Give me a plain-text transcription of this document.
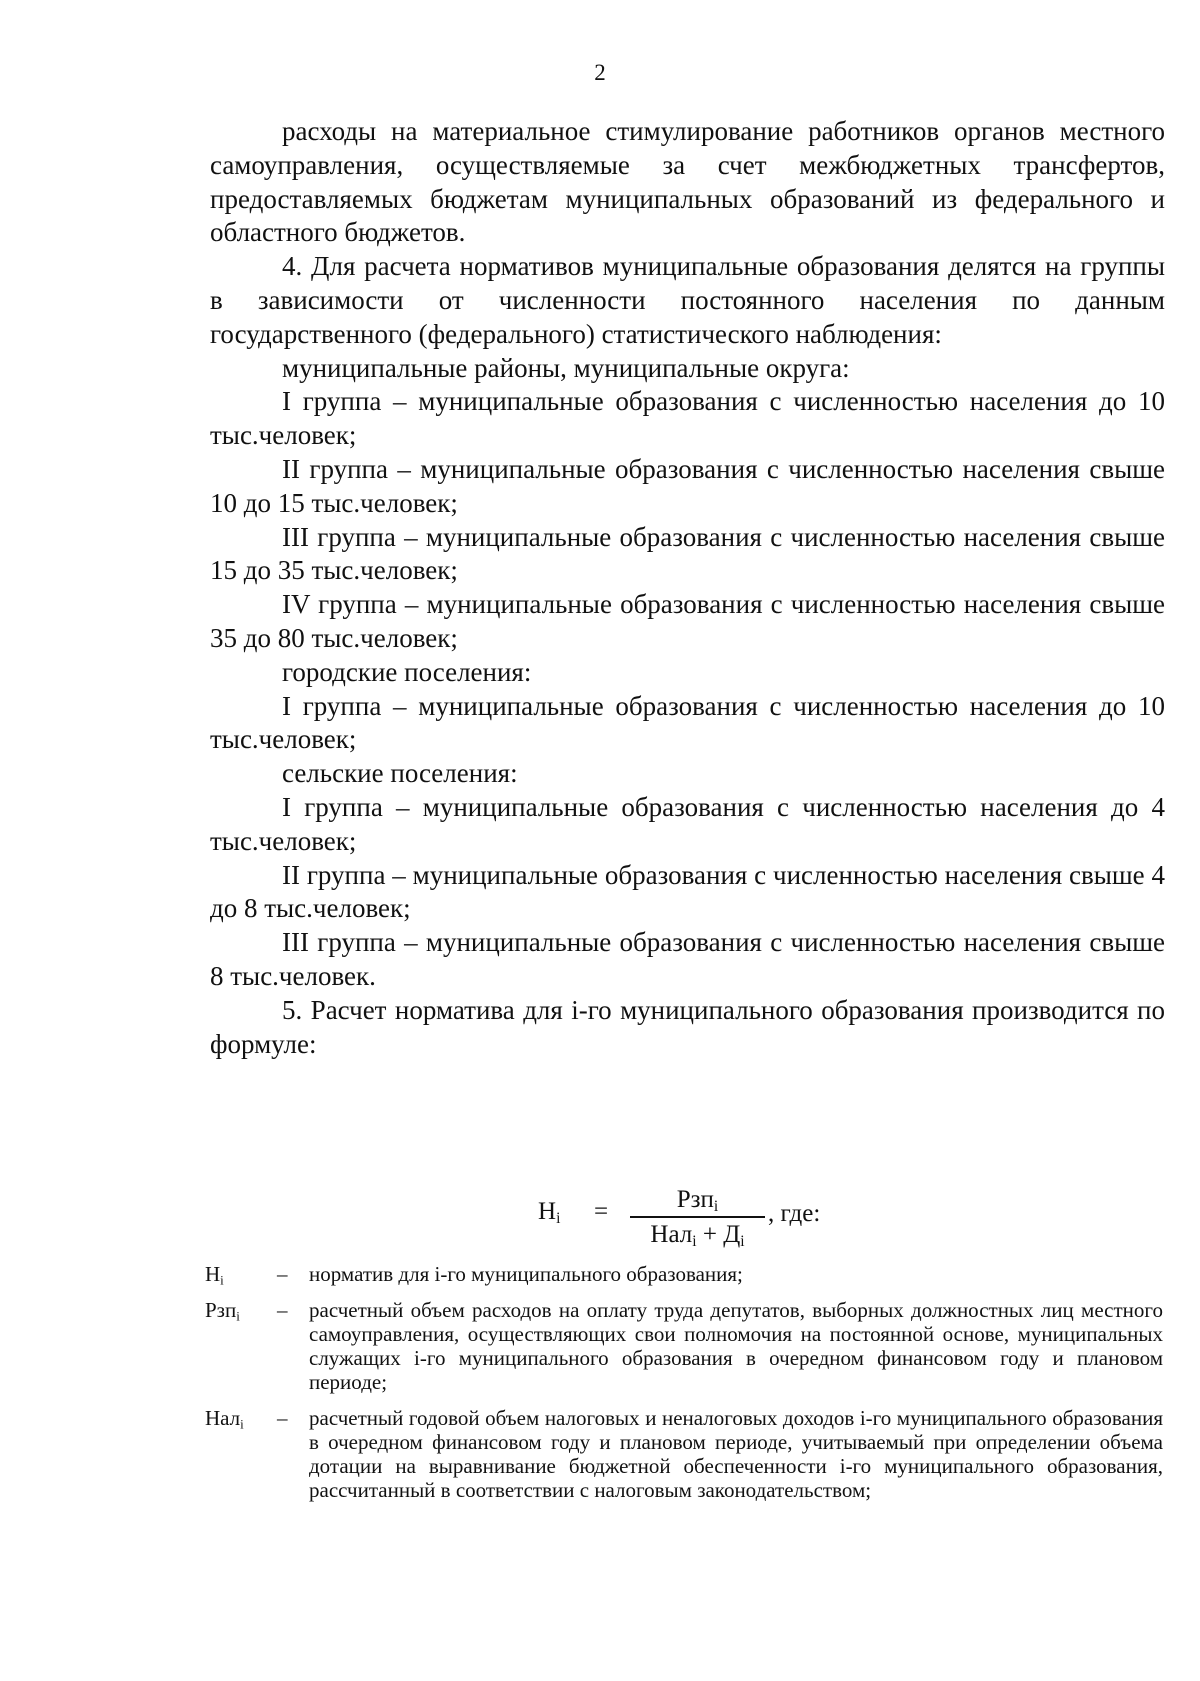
2

расходы на материальное стимулирование работников органов местного самоуправления, осуществляемые за счет межбюджетных трансфертов, предоставляемых бюджетам муниципальных образований из федерального и областного бюджетов.

4. Для расчета нормативов муниципальные образования делятся на группы в зависимости от численности постоянного населения по данным государственного (федерального) статистического наблюдения:

муниципальные районы, муниципальные округа:

I группа – муниципальные образования с численностью населения до 10 тыс.человек;

II группа – муниципальные образования с численностью населения свыше 10 до 15 тыс.человек;

III группа – муниципальные образования с численностью населения свыше 15 до 35 тыс.человек;

IV группа – муниципальные образования с численностью населения свыше 35 до 80 тыс.человек;

городские поселения:

I группа – муниципальные образования с численностью населения до 10 тыс.человек;

сельские поселения:

I группа – муниципальные образования с численностью населения до 4 тыс.человек;

II группа – муниципальные образования с численностью населения свыше 4 до 8 тыс.человек;

III группа – муниципальные образования с численностью населения свыше 8 тыс.человек.

5. Расчет норматива для i-го муниципального образования производится по формуле:

$Н_i$ =	Рзп$_i$
$Нал_i + Д_i$
, где:
$Н_i$	– норматив для i-го муниципального образования;

Рзп$_i$ – расчетный объем расходов на оплату труда депутатов, выборных должностных лиц местного самоуправления, осуществляющих свои полномочия на постоянной основе, муниципальных служащих i-го муниципального образования в очередном финансовом году и плановом периоде;

Нал$_i$ – расчетный годовой объем налоговых и неналоговых доходов i-го муниципального образования в очередном финансовом году и плановом периоде, учитываемый при определении объема дотации на выравнивание бюджетной обеспеченности i-го муниципального образования, рассчитанный в соответствии с налоговым законодательством;
